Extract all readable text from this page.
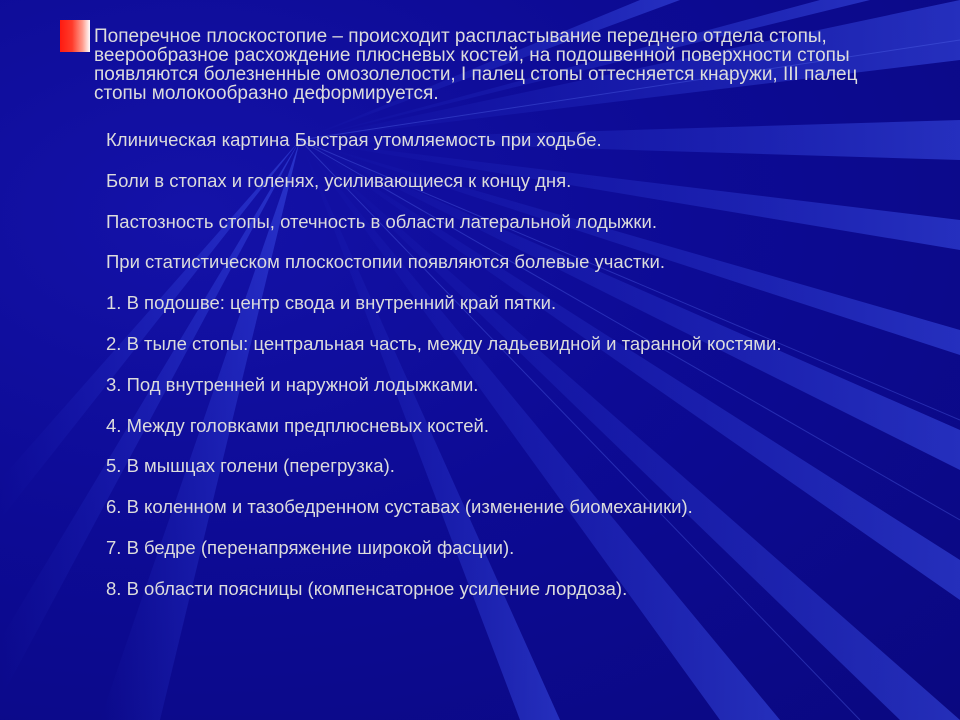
Поперечное плоскостопие – происходит распластывание переднего отдела стопы, веерообразное расхождение плюсневых костей, на подошвенной поверхности стопы появляются болезненные омозолелости, I палец стопы оттесняется кнаружи, III палец стопы молокообразно деформируется.

Клиническая картина Быстрая утомляемость при ходьбе.
Боли в стопах и голенях, усиливающиеся к концу дня.
Пастозность стопы, отечность в области латеральной лодыжки.
При статистическом плоскостопии появляются болевые участки.
1. В подошве: центр свода и внутренний край пятки.
2. В тыле стопы: центральная часть, между ладьевидной и таранной костями.
3. Под внутренней и наружной лодыжками.
4. Между головками предплюсневых костей.
5. В мышцах голени (перегрузка).
6. В коленном и тазобедренном суставах (изменение биомеханики).
7. В бедре (перенапряжение широкой фасции).
8. В области поясницы (компенсаторное усиление лордоза).
